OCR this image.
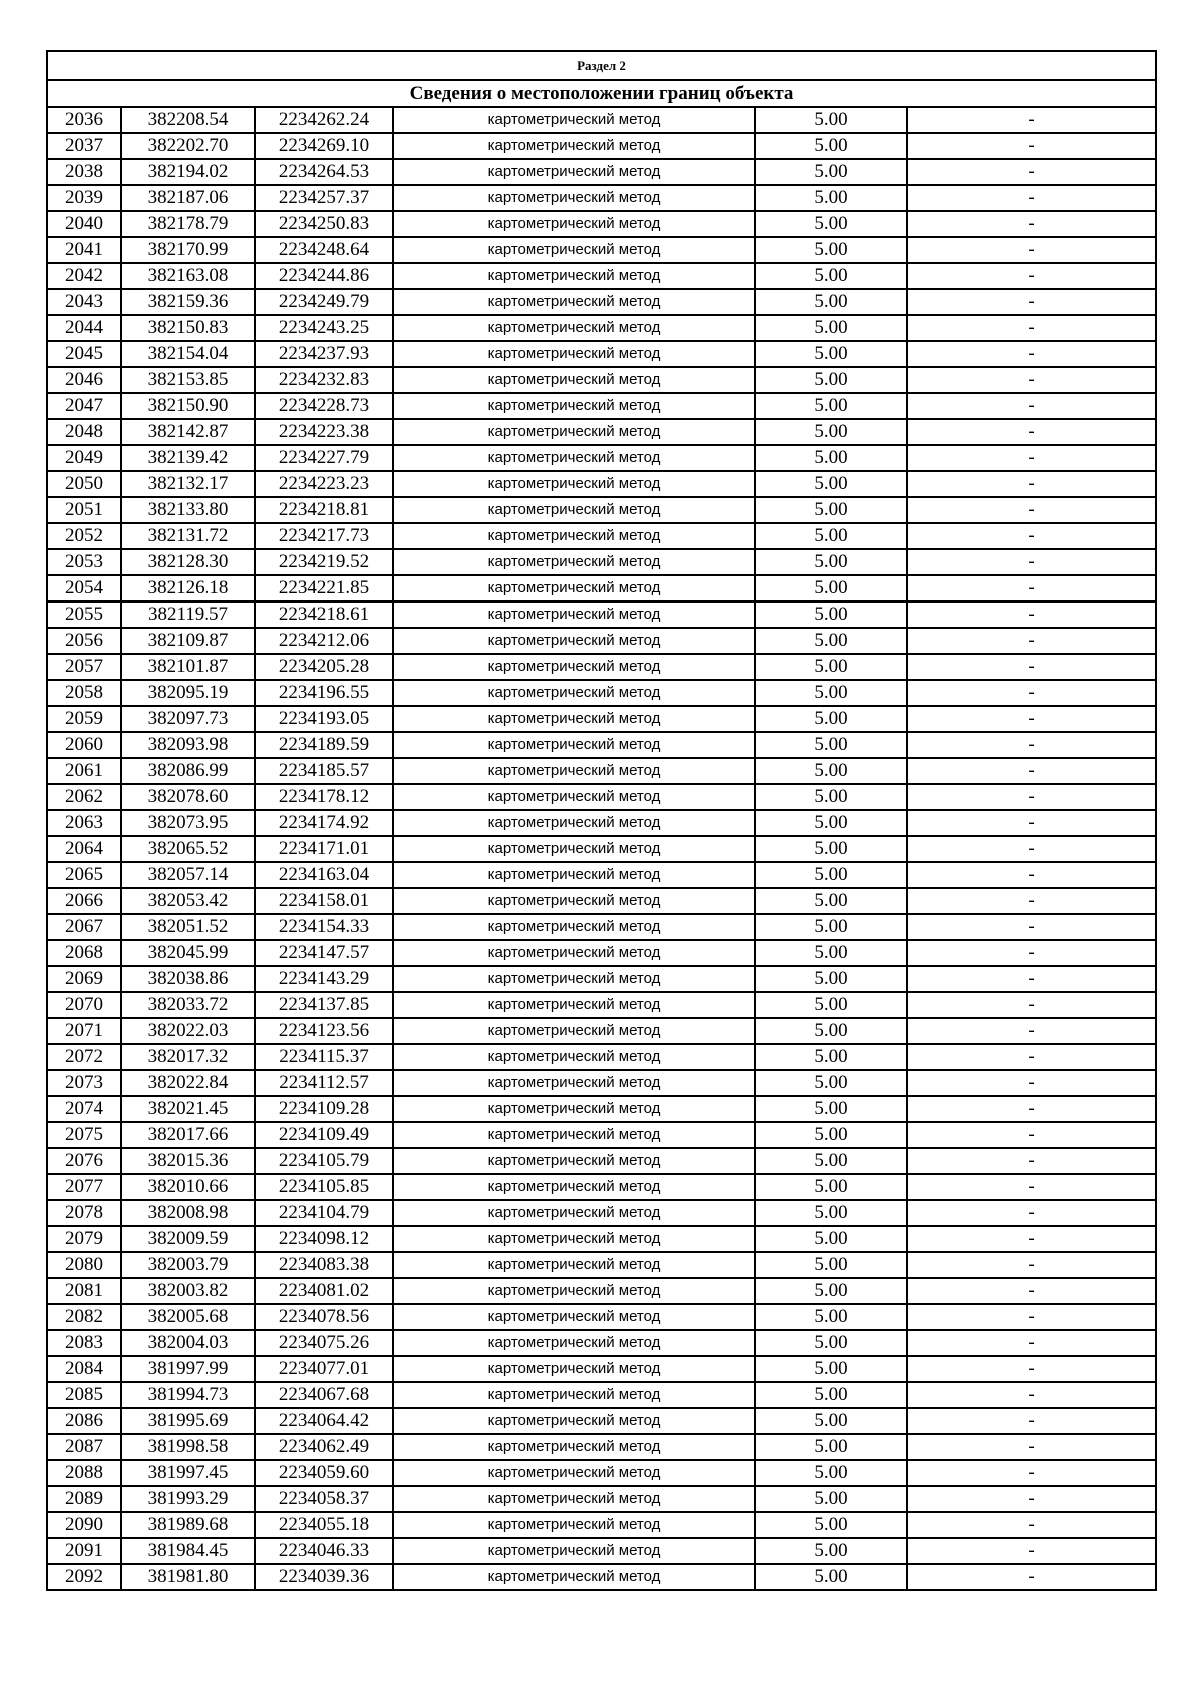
Раздел 2					
Сведения о местоположении границ объекта					
2036	382208.54	2234262.24	картометрический метод	5.00	-
2037	382202.70	2234269.10	картометрический метод	5.00	-
2038	382194.02	2234264.53	картометрический метод	5.00	-
2039	382187.06	2234257.37	картометрический метод	5.00	-
2040	382178.79	2234250.83	картометрический метод	5.00	-
2041	382170.99	2234248.64	картометрический метод	5.00	-
2042	382163.08	2234244.86	картометрический метод	5.00	-
2043	382159.36	2234249.79	картометрический метод	5.00	-
2044	382150.83	2234243.25	картометрический метод	5.00	-
2045	382154.04	2234237.93	картометрический метод	5.00	-
2046	382153.85	2234232.83	картометрический метод	5.00	-
2047	382150.90	2234228.73	картометрический метод	5.00	-
2048	382142.87	2234223.38	картометрический метод	5.00	-
2049	382139.42	2234227.79	картометрический метод	5.00	-
2050	382132.17	2234223.23	картометрический метод	5.00	-
2051	382133.80	2234218.81	картометрический метод	5.00	-
2052	382131.72	2234217.73	картометрический метод	5.00	-
2053	382128.30	2234219.52	картометрический метод	5.00	-
2054	382126.18	2234221.85	картометрический метод	5.00	-
2055	382119.57	2234218.61	картометрический метод	5.00	-
2056	382109.87	2234212.06	картометрический метод	5.00	-
2057	382101.87	2234205.28	картометрический метод	5.00	-
2058	382095.19	2234196.55	картометрический метод	5.00	-
2059	382097.73	2234193.05	картометрический метод	5.00	-
2060	382093.98	2234189.59	картометрический метод	5.00	-
2061	382086.99	2234185.57	картометрический метод	5.00	-
2062	382078.60	2234178.12	картометрический метод	5.00	-
2063	382073.95	2234174.92	картометрический метод	5.00	-
2064	382065.52	2234171.01	картометрический метод	5.00	-
2065	382057.14	2234163.04	картометрический метод	5.00	-
2066	382053.42	2234158.01	картометрический метод	5.00	-
2067	382051.52	2234154.33	картометрический метод	5.00	-
2068	382045.99	2234147.57	картометрический метод	5.00	-
2069	382038.86	2234143.29	картометрический метод	5.00	-
2070	382033.72	2234137.85	картометрический метод	5.00	-
2071	382022.03	2234123.56	картометрический метод	5.00	-
2072	382017.32	2234115.37	картометрический метод	5.00	-
2073	382022.84	2234112.57	картометрический метод	5.00	-
2074	382021.45	2234109.28	картометрический метод	5.00	-
2075	382017.66	2234109.49	картометрический метод	5.00	-
2076	382015.36	2234105.79	картометрический метод	5.00	-
2077	382010.66	2234105.85	картометрический метод	5.00	-
2078	382008.98	2234104.79	картометрический метод	5.00	-
2079	382009.59	2234098.12	картометрический метод	5.00	-
2080	382003.79	2234083.38	картометрический метод	5.00	-
2081	382003.82	2234081.02	картометрический метод	5.00	-
2082	382005.68	2234078.56	картометрический метод	5.00	-
2083	382004.03	2234075.26	картометрический метод	5.00	-
2084	381997.99	2234077.01	картометрический метод	5.00	-
2085	381994.73	2234067.68	картометрический метод	5.00	-
2086	381995.69	2234064.42	картометрический метод	5.00	-
2087	381998.58	2234062.49	картометрический метод	5.00	-
2088	381997.45	2234059.60	картометрический метод	5.00	-
2089	381993.29	2234058.37	картометрический метод	5.00	-
2090	381989.68	2234055.18	картометрический метод	5.00	-
2091	381984.45	2234046.33	картометрический метод	5.00	-
2092	381981.80	2234039.36	картометрический метод	5.00	-
